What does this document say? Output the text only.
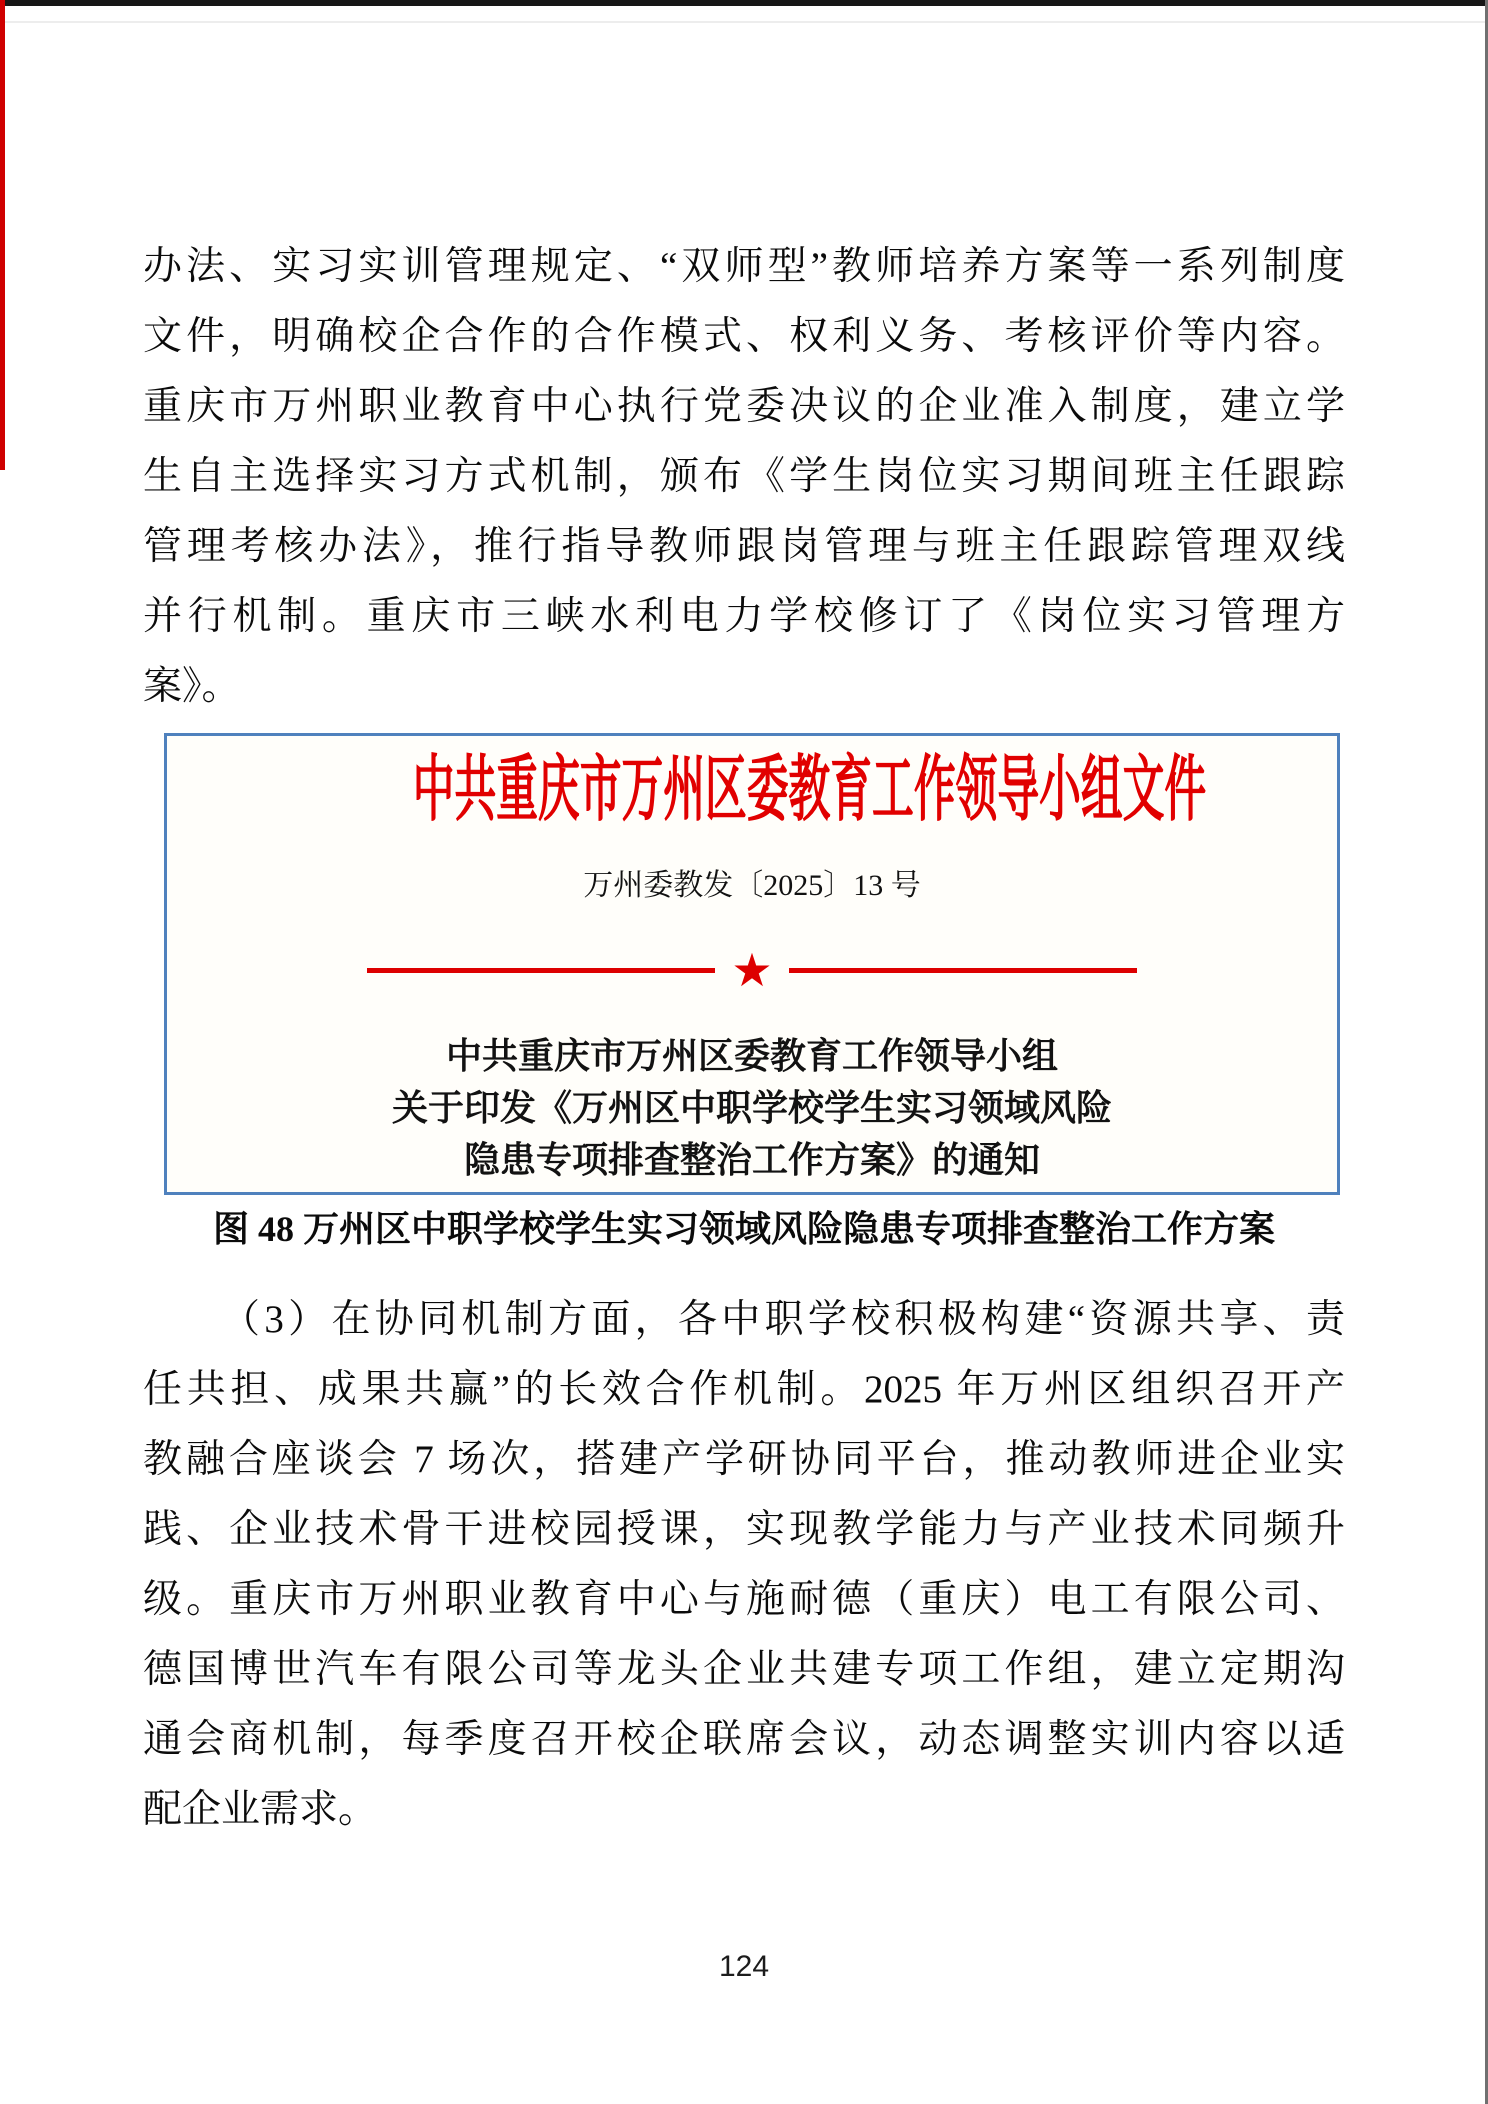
办法、实习实训管理规定、“双师型”教师培养方案等一系列制度
文件，明确校企合作的合作模式、权利义务、考核评价等内容。
重庆市万州职业教育中心执行党委决议的企业准入制度，建立学
生自主选择实习方式机制，颁布《学生岗位实习期间班主任跟踪
管理考核办法》，推行指导教师跟岗管理与班主任跟踪管理双线
并行机制。重庆市三峡水利电力学校修订了《岗位实习管理方
案》。
中共重庆市万州区委教育工作领导小组文件
万州委教发〔2025〕13 号
★
中共重庆市万州区委教育工作领导小组
关于印发《万州区中职学校学生实习领域风险
隐患专项排查整治工作方案》的通知
图 48 万州区中职学校学生实习领域风险隐患专项排查整治工作方案
（3）在协同机制方面，各中职学校积极构建“资源共享、责
任共担、成果共赢”的长效合作机制。2025 年万州区组织召开产
教融合座谈会 7 场次，搭建产学研协同平台，推动教师进企业实
践、企业技术骨干进校园授课，实现教学能力与产业技术同频升
级。重庆市万州职业教育中心与施耐德（重庆）电工有限公司、
德国博世汽车有限公司等龙头企业共建专项工作组，建立定期沟
通会商机制，每季度召开校企联席会议，动态调整实训内容以适
配企业需求。
124
